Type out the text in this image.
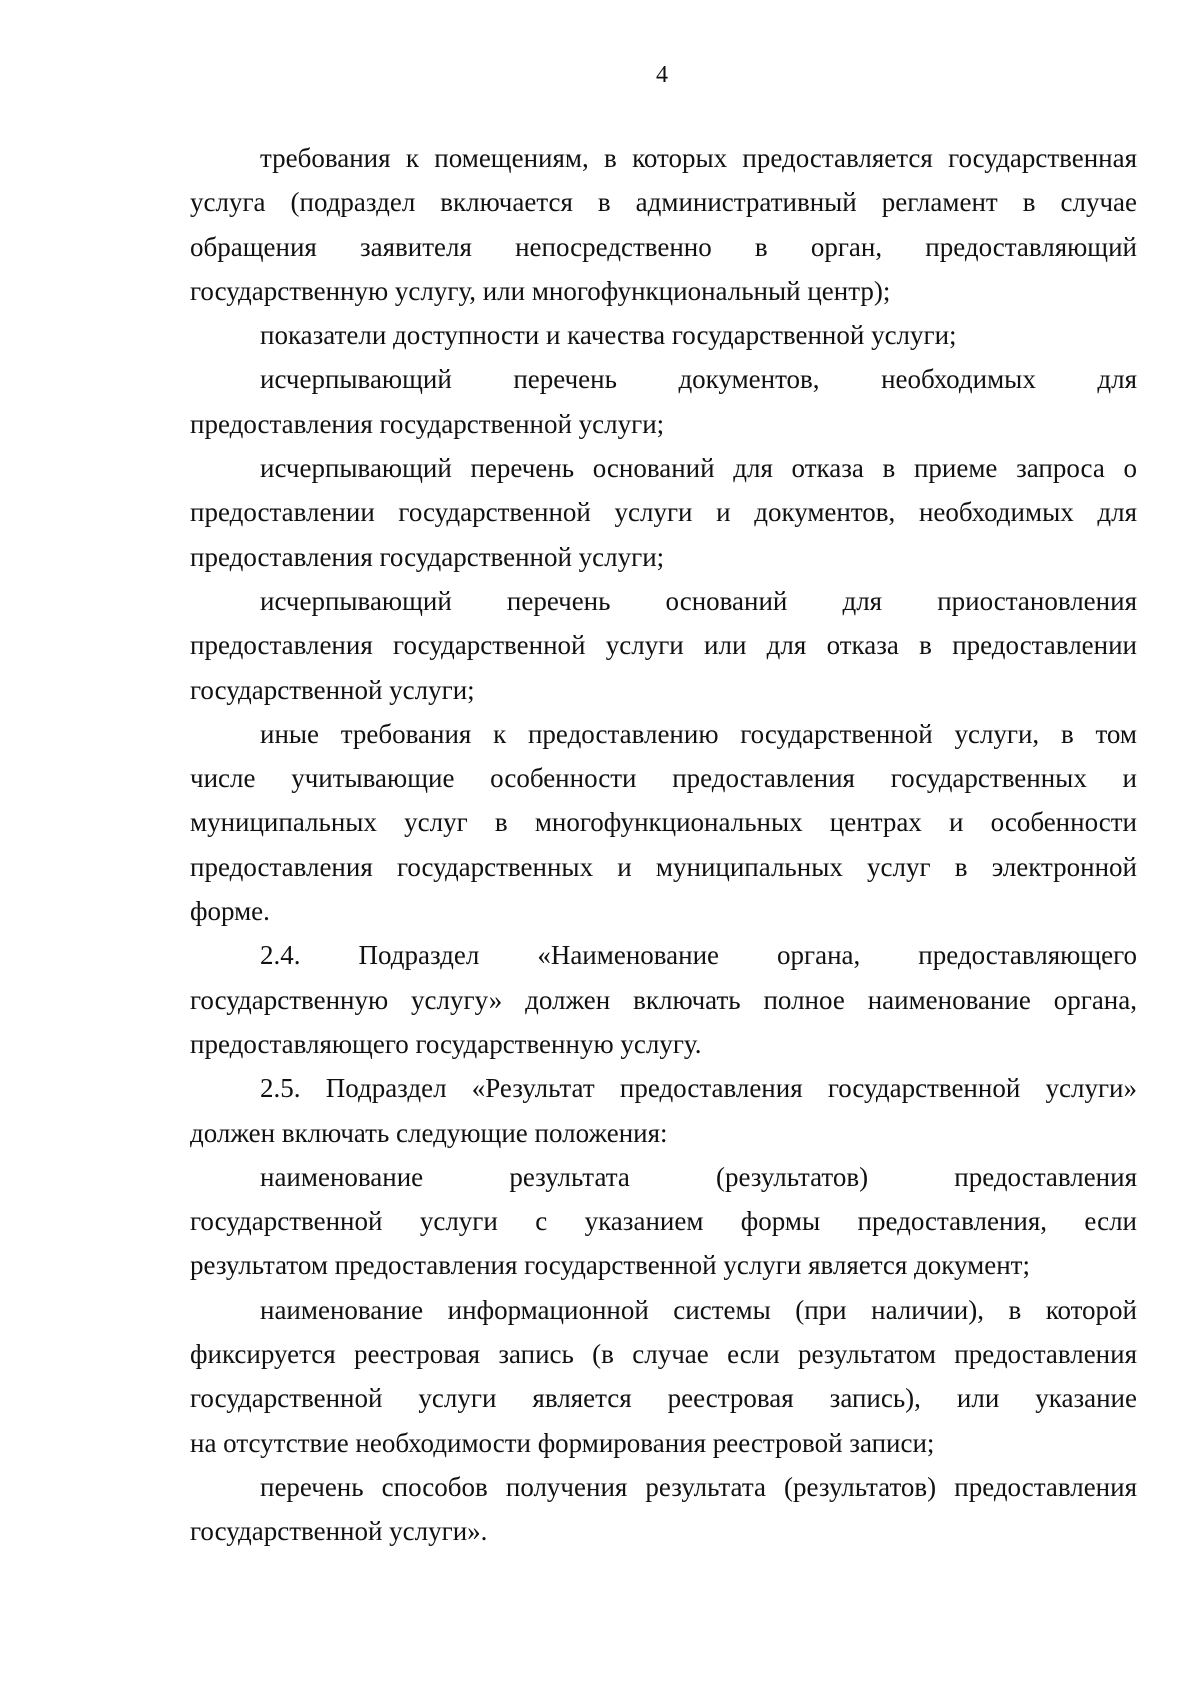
4
требования к помещениям, в которых предоставляется государственная
услуга (подраздел включается в административный регламент в случае
обращения заявителя непосредственно в орган, предоставляющий
государственную услугу, или многофункциональный центр);
показатели доступности и качества государственной услуги;
исчерпывающий перечень документов, необходимых для
предоставления государственной услуги;
исчерпывающий перечень оснований для отказа в приеме запроса о
предоставлении государственной услуги и документов, необходимых для
предоставления государственной услуги;
исчерпывающий перечень оснований для приостановления
предоставления государственной услуги или для отказа в предоставлении
государственной услуги;
иные требования к предоставлению государственной услуги, в том
числе учитывающие особенности предоставления государственных и
муниципальных услуг в многофункциональных центрах и особенности
предоставления государственных и муниципальных услуг в электронной
форме.
2.4. Подраздел «Наименование органа, предоставляющего
государственную услугу» должен включать полное наименование органа,
предоставляющего государственную услугу.
2.5. Подраздел «Результат предоставления государственной услуги»
должен включать следующие положения:
наименование результата (результатов) предоставления
государственной услуги с указанием формы предоставления, если
результатом предоставления государственной услуги является документ;
наименование информационной системы (при наличии), в которой
фиксируется реестровая запись (в случае если результатом предоставления
государственной услуги является реестровая запись), или указание
на отсутствие необходимости формирования реестровой записи;
перечень способов получения результата (результатов) предоставления
государственной услуги».
